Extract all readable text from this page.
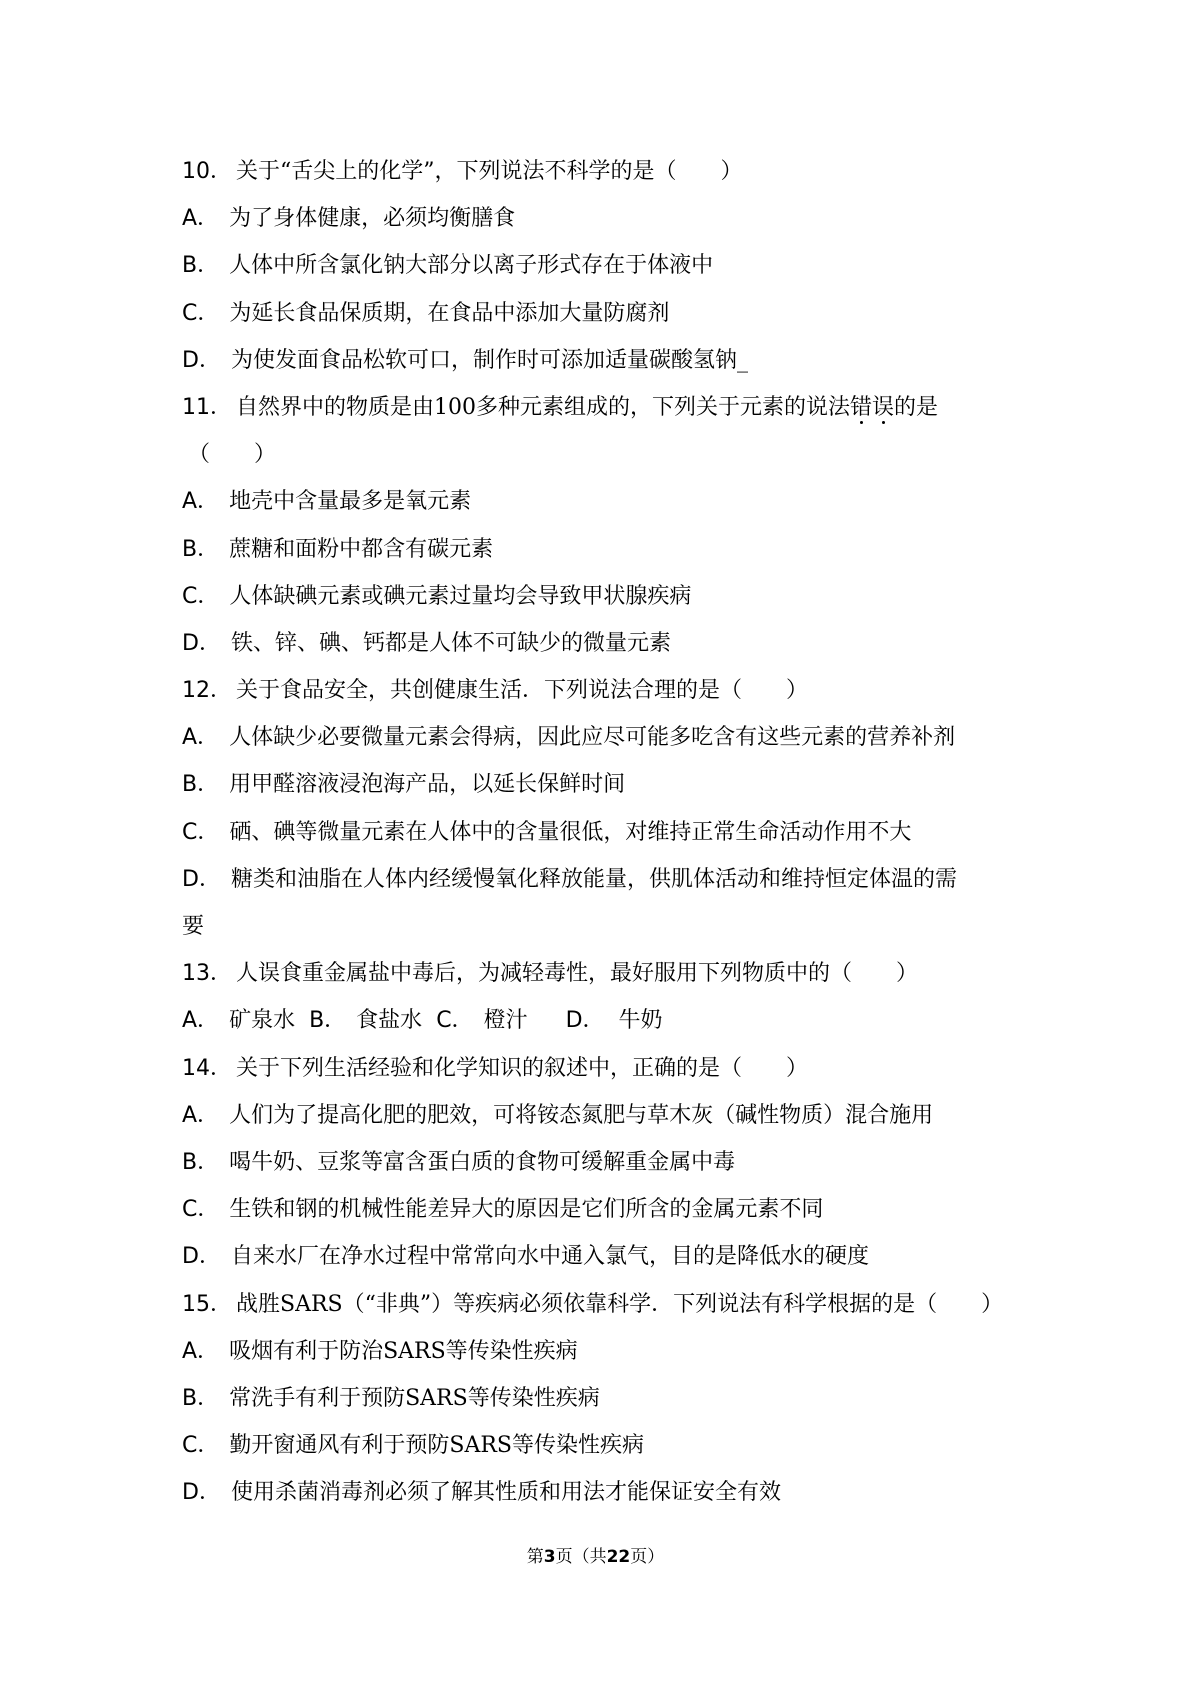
10． 关于“舌尖上的化学”，下列说法不科学的是（　　）
A． 为了身体健康，必须均衡膳食
B． 人体中所含氯化钠大部分以离子形式存在于体液中
C． 为延长食品保质期，在食品中添加大量防腐剂
D． 为使发面食品松软可口，制作时可添加适量碳酸氢钠_
11． 自然界中的物质是由100多种元素组成的，下列关于元素的说法错误的是
（　　）
A． 地壳中含量最多是氧元素
B． 蔗糖和面粉中都含有碳元素
C． 人体缺碘元素或碘元素过量均会导致甲状腺疾病
D． 铁、锌、碘、钙都是人体不可缺少的微量元素
12． 关于食品安全，共创健康生活．下列说法合理的是（　　）
A． 人体缺少必要微量元素会得病，因此应尽可能多吃含有这些元素的营养补剂
B． 用甲醛溶液浸泡海产品，以延长保鲜时间
C． 硒、碘等微量元素在人体中的含量很低，对维持正常生命活动作用不大
D． 糖类和油脂在人体内经缓慢氧化释放能量，供肌体活动和维持恒定体温的需
要
13． 人误食重金属盐中毒后，为减轻毒性，最好服用下列物质中的（　　）
A． 矿泉水 B． 食盐水 C． 橙汁 D． 牛奶
14． 关于下列生活经验和化学知识的叙述中，正确的是（　　）
A． 人们为了提高化肥的肥效，可将铵态氮肥与草木灰（碱性物质）混合施用
B． 喝牛奶、豆浆等富含蛋白质的食物可缓解重金属中毒
C． 生铁和钢的机械性能差异大的原因是它们所含的金属元素不同
D． 自来水厂在净水过程中常常向水中通入氯气，目的是降低水的硬度
15． 战胜SARS（“非典”）等疾病必须依靠科学．下列说法有科学根据的是（　　）
A． 吸烟有利于防治SARS等传染性疾病
B． 常洗手有利于预防SARS等传染性疾病
C． 勤开窗通风有利于预防SARS等传染性疾病
D． 使用杀菌消毒剂必须了解其性质和用法才能保证安全有效
第3页（共22页）
